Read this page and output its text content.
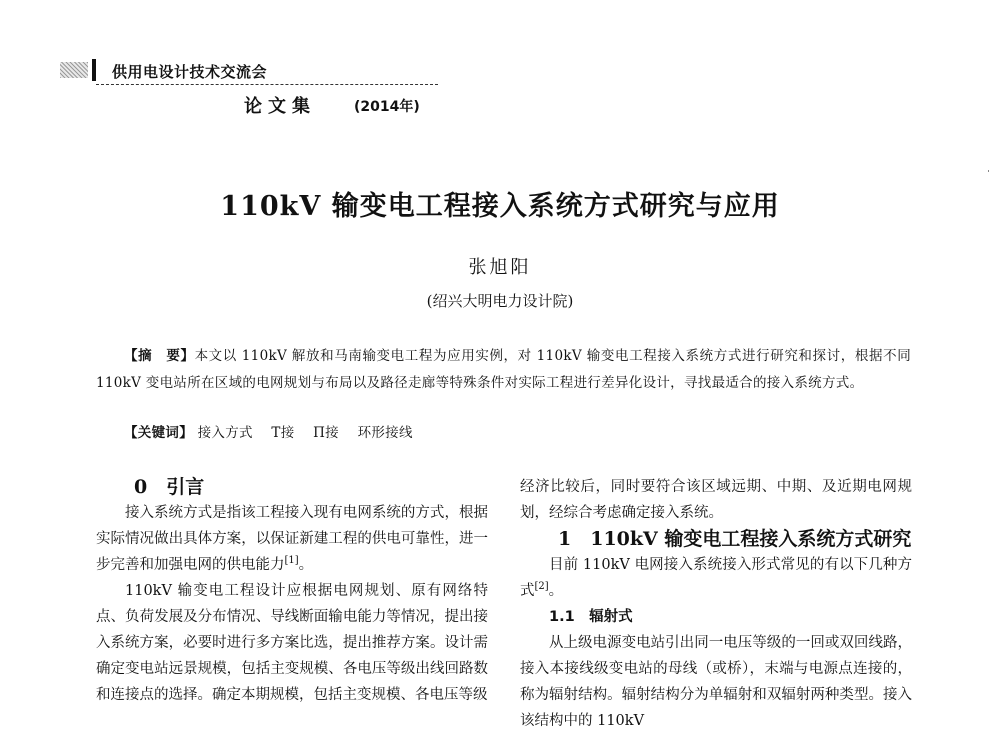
供用电设计技术交流会
论文集	(2014年)
110kV 输变电工程接入系统方式研究与应用
张旭阳
(绍兴大明电力设计院)
【摘　要】本文以 110kV 解放和马南输变电工程为应用实例，对 110kV 输变电工程接入系统方式进行研究和探讨，根据不同 110kV 变电站所在区域的电网规划与布局以及路径走廊等特殊条件对实际工程进行差异化设计，寻找最适合的接入系统方式。
【关键词】 接入方式 T接 Π接 环形接线

0　引言

接入系统方式是指该工程接入现有电网系统的方式，根据实际情况做出具体方案，以保证新建工程的供电可靠性，进一步完善和加强电网的供电能力[1]。

110kV 输变电工程设计应根据电网规划、原有网络特点、负荷发展及分布情况、导线断面输电能力等情况，提出接入系统方案，必要时进行多方案比选，提出推荐方案。设计需确定变电站远景规模，包括主变规模、各电压等级出线回路数和连接点的选择。确定本期规模，包括主变规模、各电压等级

经济比较后，同时要符合该区域远期、中期、及近期电网规划，经综合考虑确定接入系统。

1　110kV 输变电工程接入系统方式研究

目前 110kV 电网接入系统接入形式常见的有以下几种方式[2]。

1.1　辐射式

从上级电源变电站引出同一电压等级的一回或双回线路，接入本接线级变电站的母线（或桥），末端与电源点连接的，称为辐射结构。辐射结构分为单辐射和双辐射两种类型。接入该结构中的 110kV
